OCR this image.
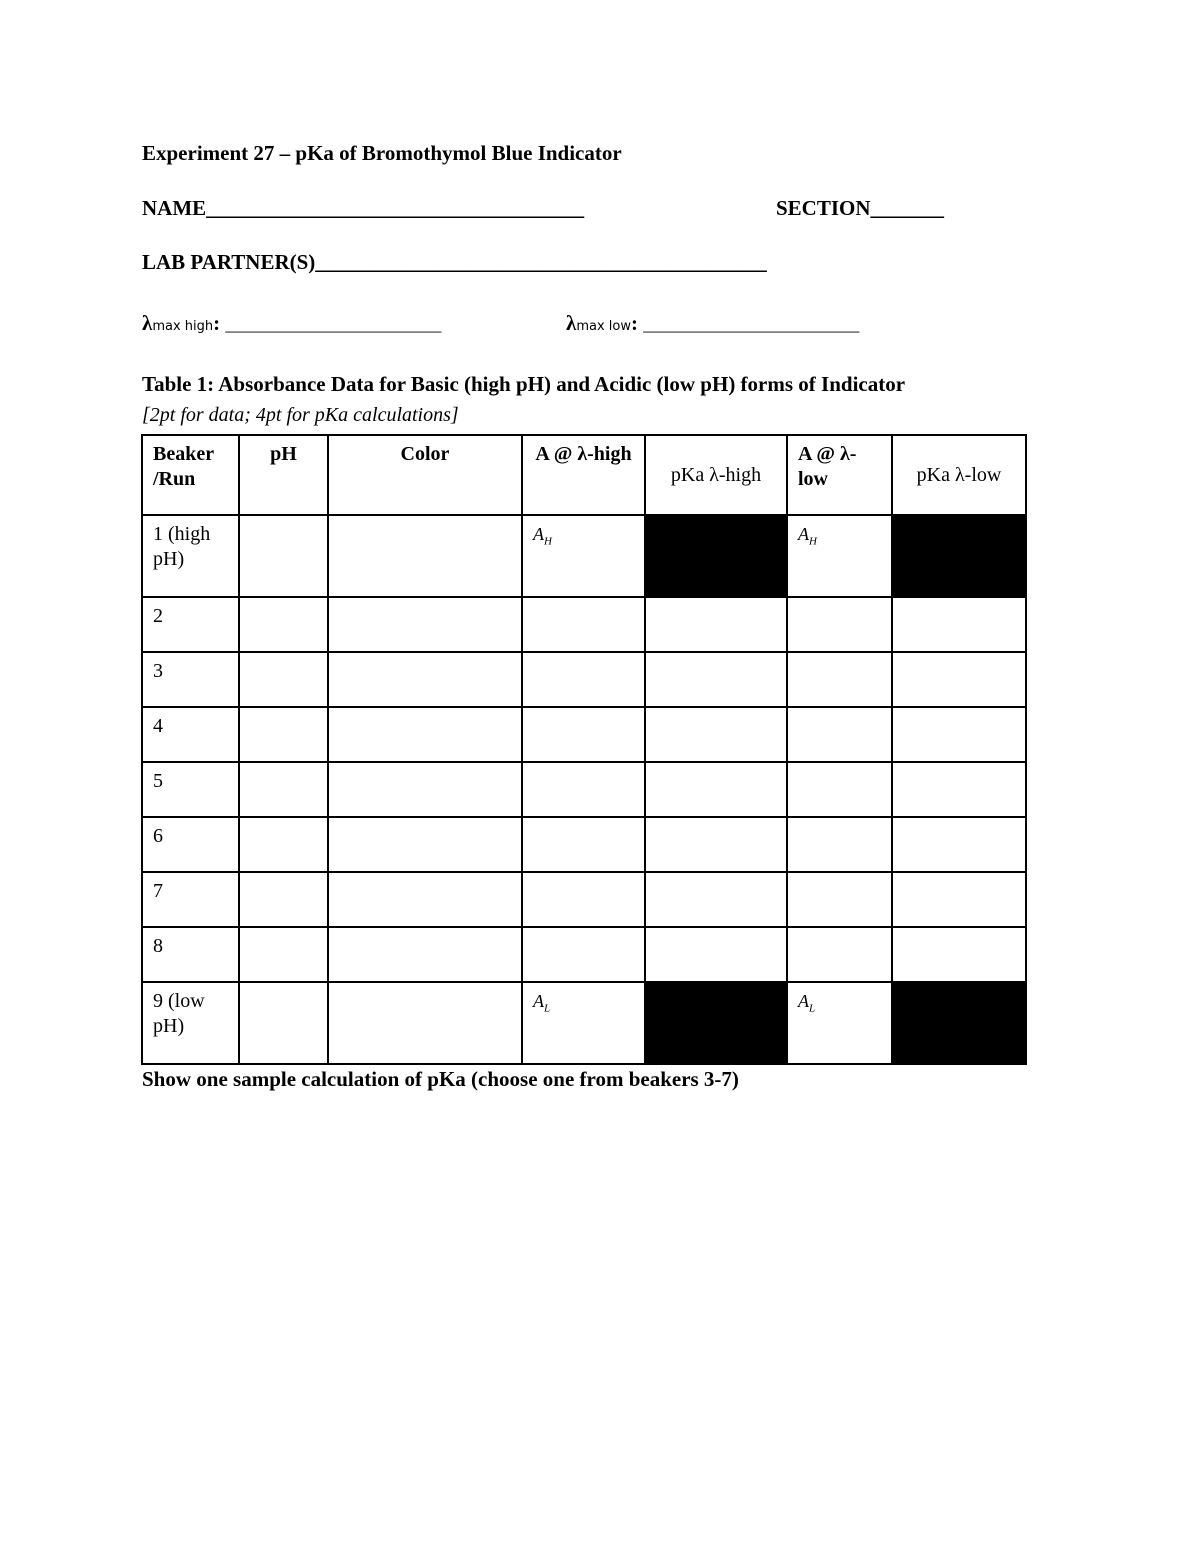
Experiment 27 – pKa of Bromothymol Blue Indicator
NAME____________________________________	SECTION_______
LAB PARTNER(S)___________________________________________
λmax high: ________________________	λmax low: ________________________
Table 1: Absorbance Data for Basic (high pH) and Acidic (low pH) forms of Indicator
[2pt for data; 4pt for pKa calculations]
Beaker /Run	pH	Color	A @ λ-high	pKa λ-high	A @ λ-low	pKa λ-low
1 (high pH)			$A_H$		$A_H$	
2						
3						
4						
5						
6						
7						
8						
9 (low pH)			$A_L$		$A_L$	
Show one sample calculation of pKa (choose one from beakers 3-7)
